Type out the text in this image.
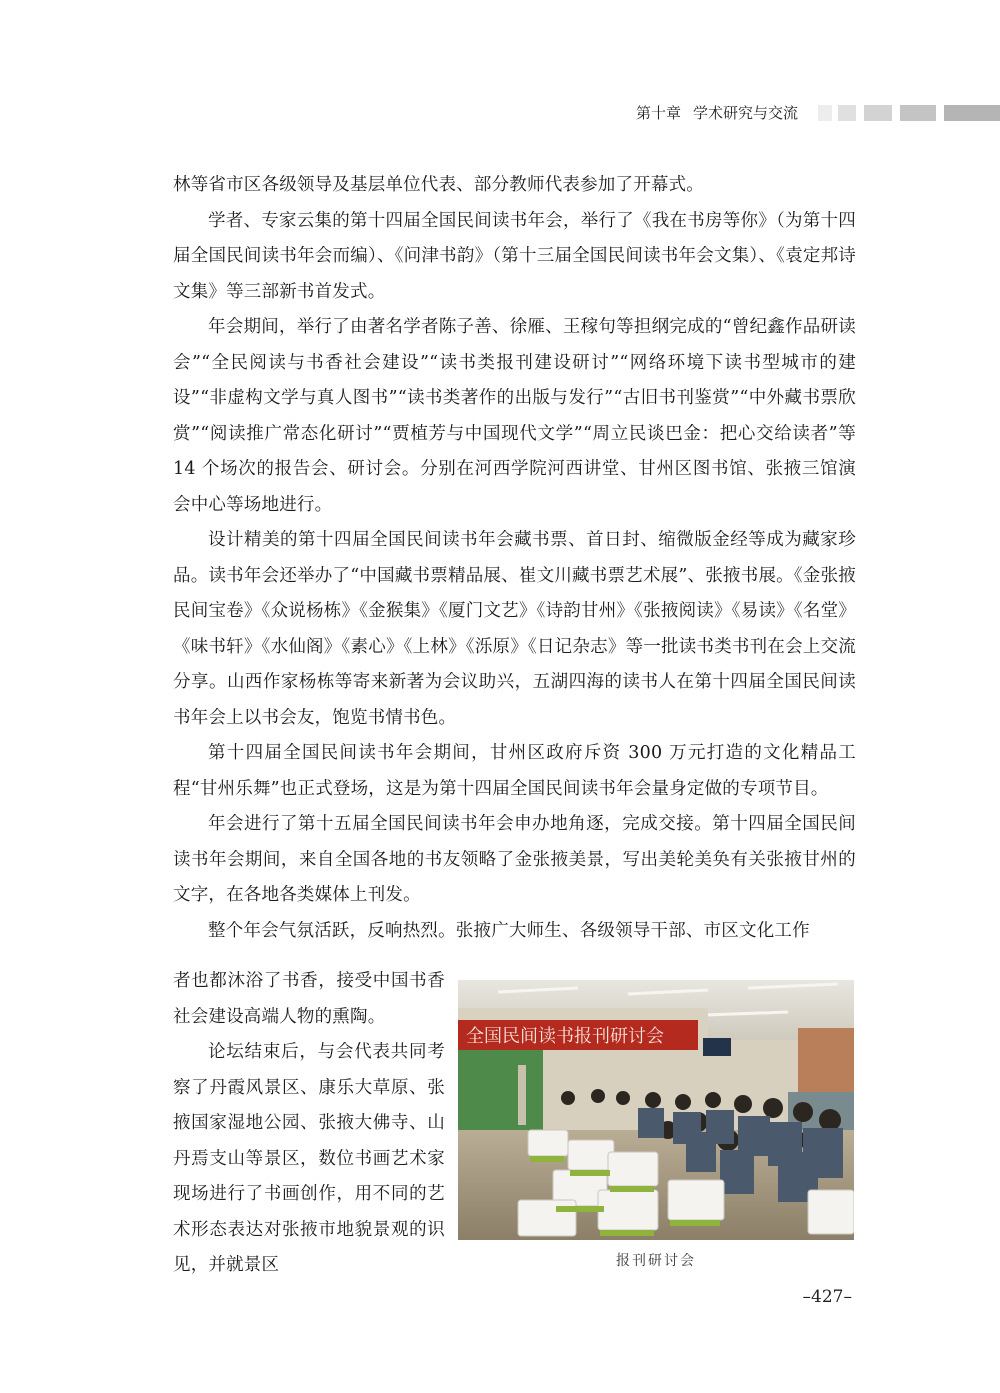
第十章 学术研究与交流

林等省市区各级领导及基层单位代表、部分教师代表参加了开幕式。

学者、专家云集的第十四届全国民间读书年会，举行了《我在书房等你》（为第十四届全国民间读书年会而编）、《问津书韵》（第十三届全国民间读书年会文集）、《袁定邦诗文集》等三部新书首发式。

年会期间，举行了由著名学者陈子善、徐雁、王稼句等担纲完成的“曾纪鑫作品研读会”“全民阅读与书香社会建设”“读书类报刊建设研讨”“网络环境下读书型城市的建设”“非虚构文学与真人图书”“读书类著作的出版与发行”“古旧书刊鉴赏”“中外藏书票欣赏”“阅读推广常态化研讨”“贾植芳与中国现代文学”“周立民谈巴金：把心交给读者”等 14 个场次的报告会、研讨会。分别在河西学院河西讲堂、甘州区图书馆、张掖三馆演会中心等场地进行。

设计精美的第十四届全国民间读书年会藏书票、首日封、缩微版金经等成为藏家珍品。读书年会还举办了“中国藏书票精品展、崔文川藏书票艺术展”、张掖书展。《金张掖民间宝卷》《众说杨栋》《金猴集》《厦门文艺》《诗韵甘州》《张掖阅读》《易读》《名堂》《味书轩》《水仙阁》《素心》《上林》《泺原》《日记杂志》等一批读书类书刊在会上交流分享。山西作家杨栋等寄来新著为会议助兴，五湖四海的读书人在第十四届全国民间读书年会上以书会友，饱览书情书色。

第十四届全国民间读书年会期间，甘州区政府斥资 300 万元打造的文化精品工程“甘州乐舞”也正式登场，这是为第十四届全国民间读书年会量身定做的专项节目。

年会进行了第十五届全国民间读书年会申办地角逐，完成交接。第十四届全国民间读书年会期间，来自全国各地的书友领略了金张掖美景，写出美轮美奂有关张掖甘州的文字，在各地各类媒体上刊发。

整个年会气氛活跃，反响热烈。张掖广大师生、各级领导干部、市区文化工作

者也都沐浴了书香，接受中国书香社会建设高端人物的熏陶。

论坛结束后，与会代表共同考察了丹霞风景区、康乐大草原、张掖国家湿地公园、张掖大佛寺、山丹焉支山等景区，数位书画艺术家现场进行了书画创作，用不同的艺术形态表达对张掖市地貌景观的识见，并就景区

全国民间读书报刊研讨会
报刊研讨会
–427–
